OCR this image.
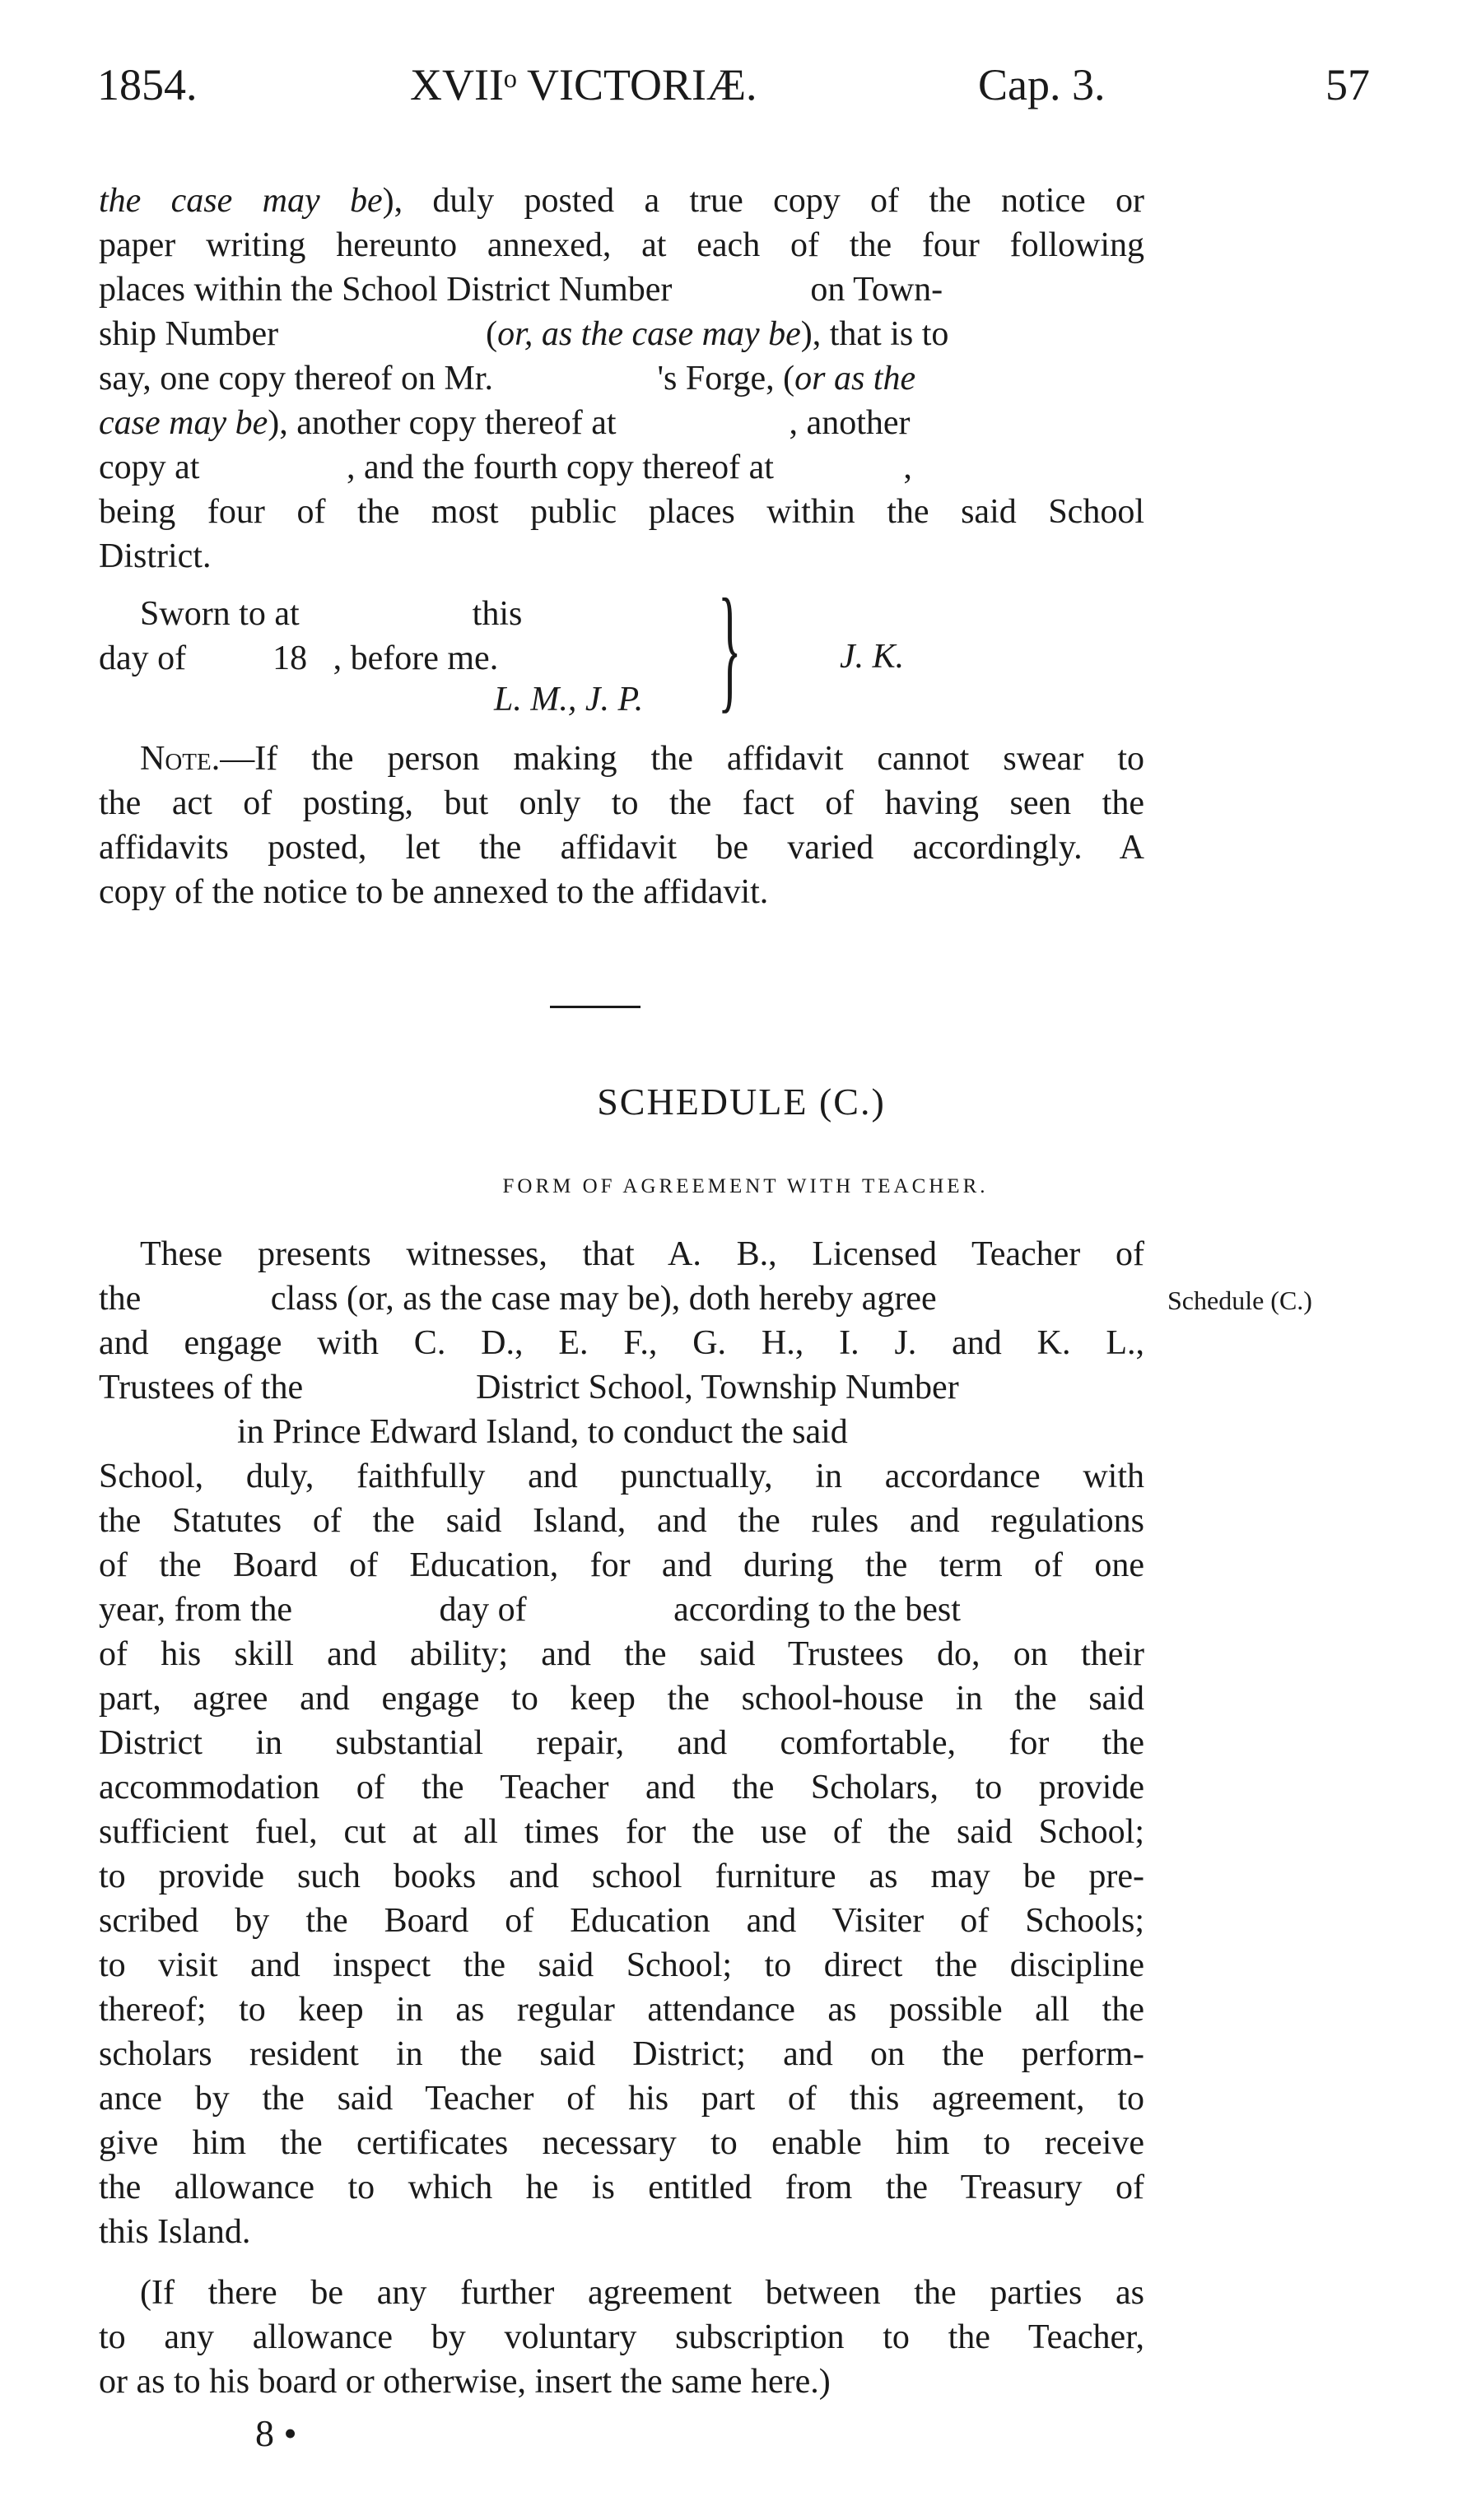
1854.	XVIIᵒ VICTORIÆ.	Cap. 3.	57
the case may be), duly posted a true copy of the notice or
paper writing hereunto annexed, at each of the four following
places within the School District Number                on Town-
ship Number                        (or, as the case may be), that is to
say, one copy thereof on Mr.                   's Forge, (or as the
case may be), another copy thereof at                    , another
copy at                 , and the fourth copy thereof at               ,
being four of the most public places within the said School
District.
Sworn to at                    this
day of          18   , before me.
L. M., J. P. }	J. K.
Note.—If the person making the affidavit cannot swear to
the act of posting, but only to the fact of having seen the
affidavits posted, let the affidavit be varied accordingly. A
copy of the notice to be annexed to the affidavit.
SCHEDULE (C.)
FORM OF AGREEMENT WITH TEACHER.
Schedule (C.)
These presents witnesses, that A. B., Licensed Teacher of
the               class (or, as the case may be), doth hereby agree
and engage with C. D., E. F., G. H., I. J. and K. L.,
Trustees of the                    District School, Township Number
in Prince Edward Island, to conduct the said
School, duly, faithfully and punctually, in accordance with
the Statutes of the said Island, and the rules and regulations
of the Board of Education, for and during the term of one
year, from the                 day of                 according to the best
of his skill and ability; and the said Trustees do, on their
part, agree and engage to keep the school-house in the said
District in substantial repair, and comfortable, for the
accommodation of the Teacher and the Scholars, to provide
sufficient fuel, cut at all times for the use of the said School;
to provide such books and school furniture as may be pre-
scribed by the Board of Education and Visiter of Schools;
to visit and inspect the said School; to direct the discipline
thereof; to keep in as regular attendance as possible all the
scholars resident in the said District; and on the perform-
ance by the said Teacher of his part of this agreement, to
give him the certificates necessary to enable him to receive
the allowance to which he is entitled from the Treasury of
this Island.
(If there be any further agreement between the parties as
to any allowance by voluntary subscription to the Teacher,
or as to his board or otherwise, insert the same here.)
8 •
